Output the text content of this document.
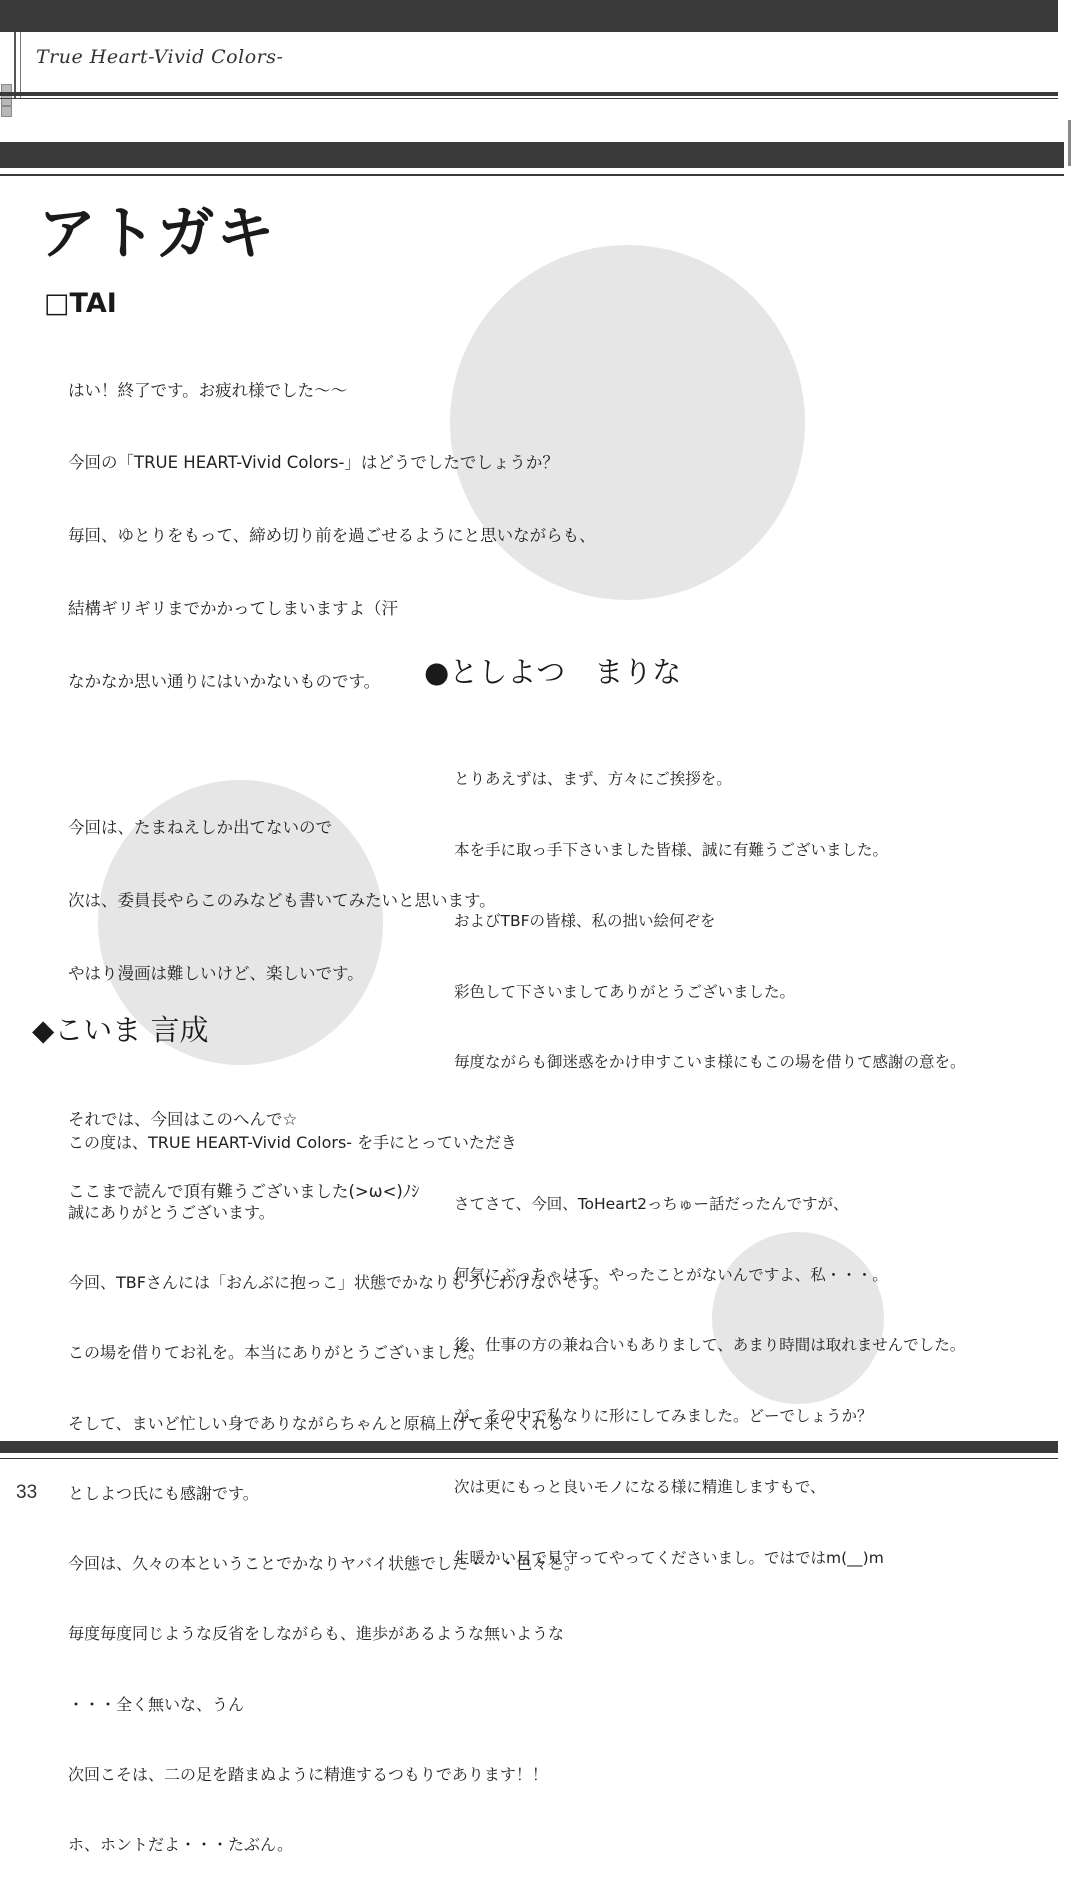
True Heart-Vivid Colors-
アトガキ
□TAI

はい！終了です。お疲れ様でした～～

今回の「TRUE HEART-Vivid Colors-」はどうでしたでしょうか？

毎回、ゆとりをもって、締め切り前を過ごせるようにと思いながらも、

結構ギリギリまでかかってしまいますよ（汗

なかなか思い通りにはいかないものです。

今回は、たまねえしか出てないので

次は、委員長やらこのみなども書いてみたいと思います。

やはり漫画は難しいけど、楽しいです。

それでは、今回はこのへんで☆

ここまで読んで頂有難うございました(>ω<)ﾉｼ

●としよつ　まりな

とりあえずは、まず、方々にご挨拶を。

本を手に取っ手下さいました皆様、誠に有難うございました。

およびTBFの皆様、私の拙い絵何ぞを

彩色して下さいましてありがとうございました。

毎度ながらも御迷惑をかけ申すこいま様にもこの場を借りて感謝の意を。

さてさて、今回、ToHeart2っちゅー話だったんですが、

何気にぶっちゃけて、やったことがないんですよ、私・・・。

後、仕事の方の兼ね合いもありまして、あまり時間は取れませんでした。

が、その中で私なりに形にしてみました。どーでしょうか？

次は更にもっと良いモノになる様に精進しますもで、

生暖かい目で見守ってやってくださいまし。ではではm(__)m

◆こいま 言成

この度は、TRUE HEART-Vivid Colors- を手にとっていただき

誠にありがとうございます。

今回、TBFさんには「おんぶに抱っこ」状態でかなりもうしわけないです。

この場を借りてお礼を。本当にありがとうございました。

そして、まいど忙しい身でありながらちゃんと原稿上げて来てくれる

としよつ氏にも感謝です。

今回は、久々の本ということでかなりヤバイ状態でした・・・色々と。

毎度毎度同じような反省をしながらも、進歩があるような無いような

・・・全く無いな、うん

次回こそは、二の足を踏まぬように精進するつもりであります！！

ホ、ホントだよ・・・たぶん。

33
